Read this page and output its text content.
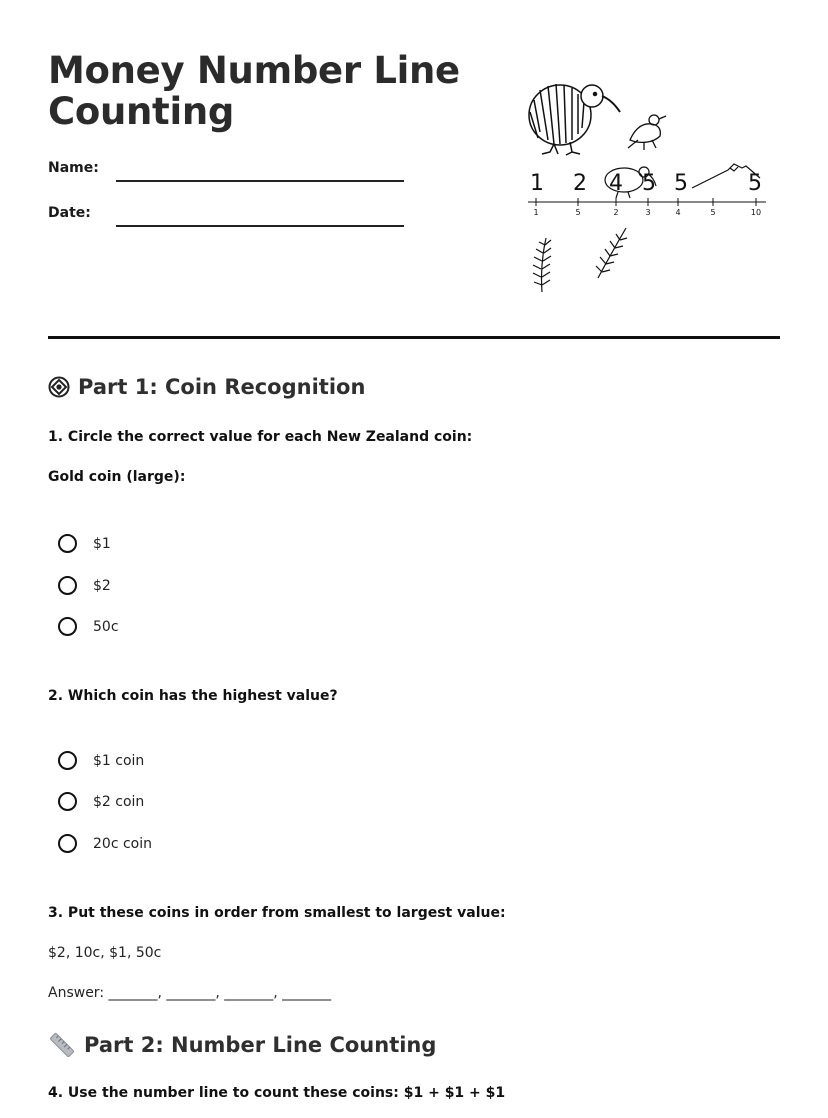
Money Number Line
Counting
Name:
Date:
1 2 4 5 5	5
1	5	2	3	4	5	10
Part 1: Coin Recognition
1. Circle the correct value for each New Zealand coin:
Gold coin (large):
$1
$2
50c
2. Which coin has the highest value?
$1 coin
$2 coin
20c coin
3. Put these coins in order from smallest to largest value:
$2, 10c, $1, 50c
Answer: _______, _______, _______, _______
Part 2: Number Line Counting
4. Use the number line to count these coins: $1 + $1 + $1
